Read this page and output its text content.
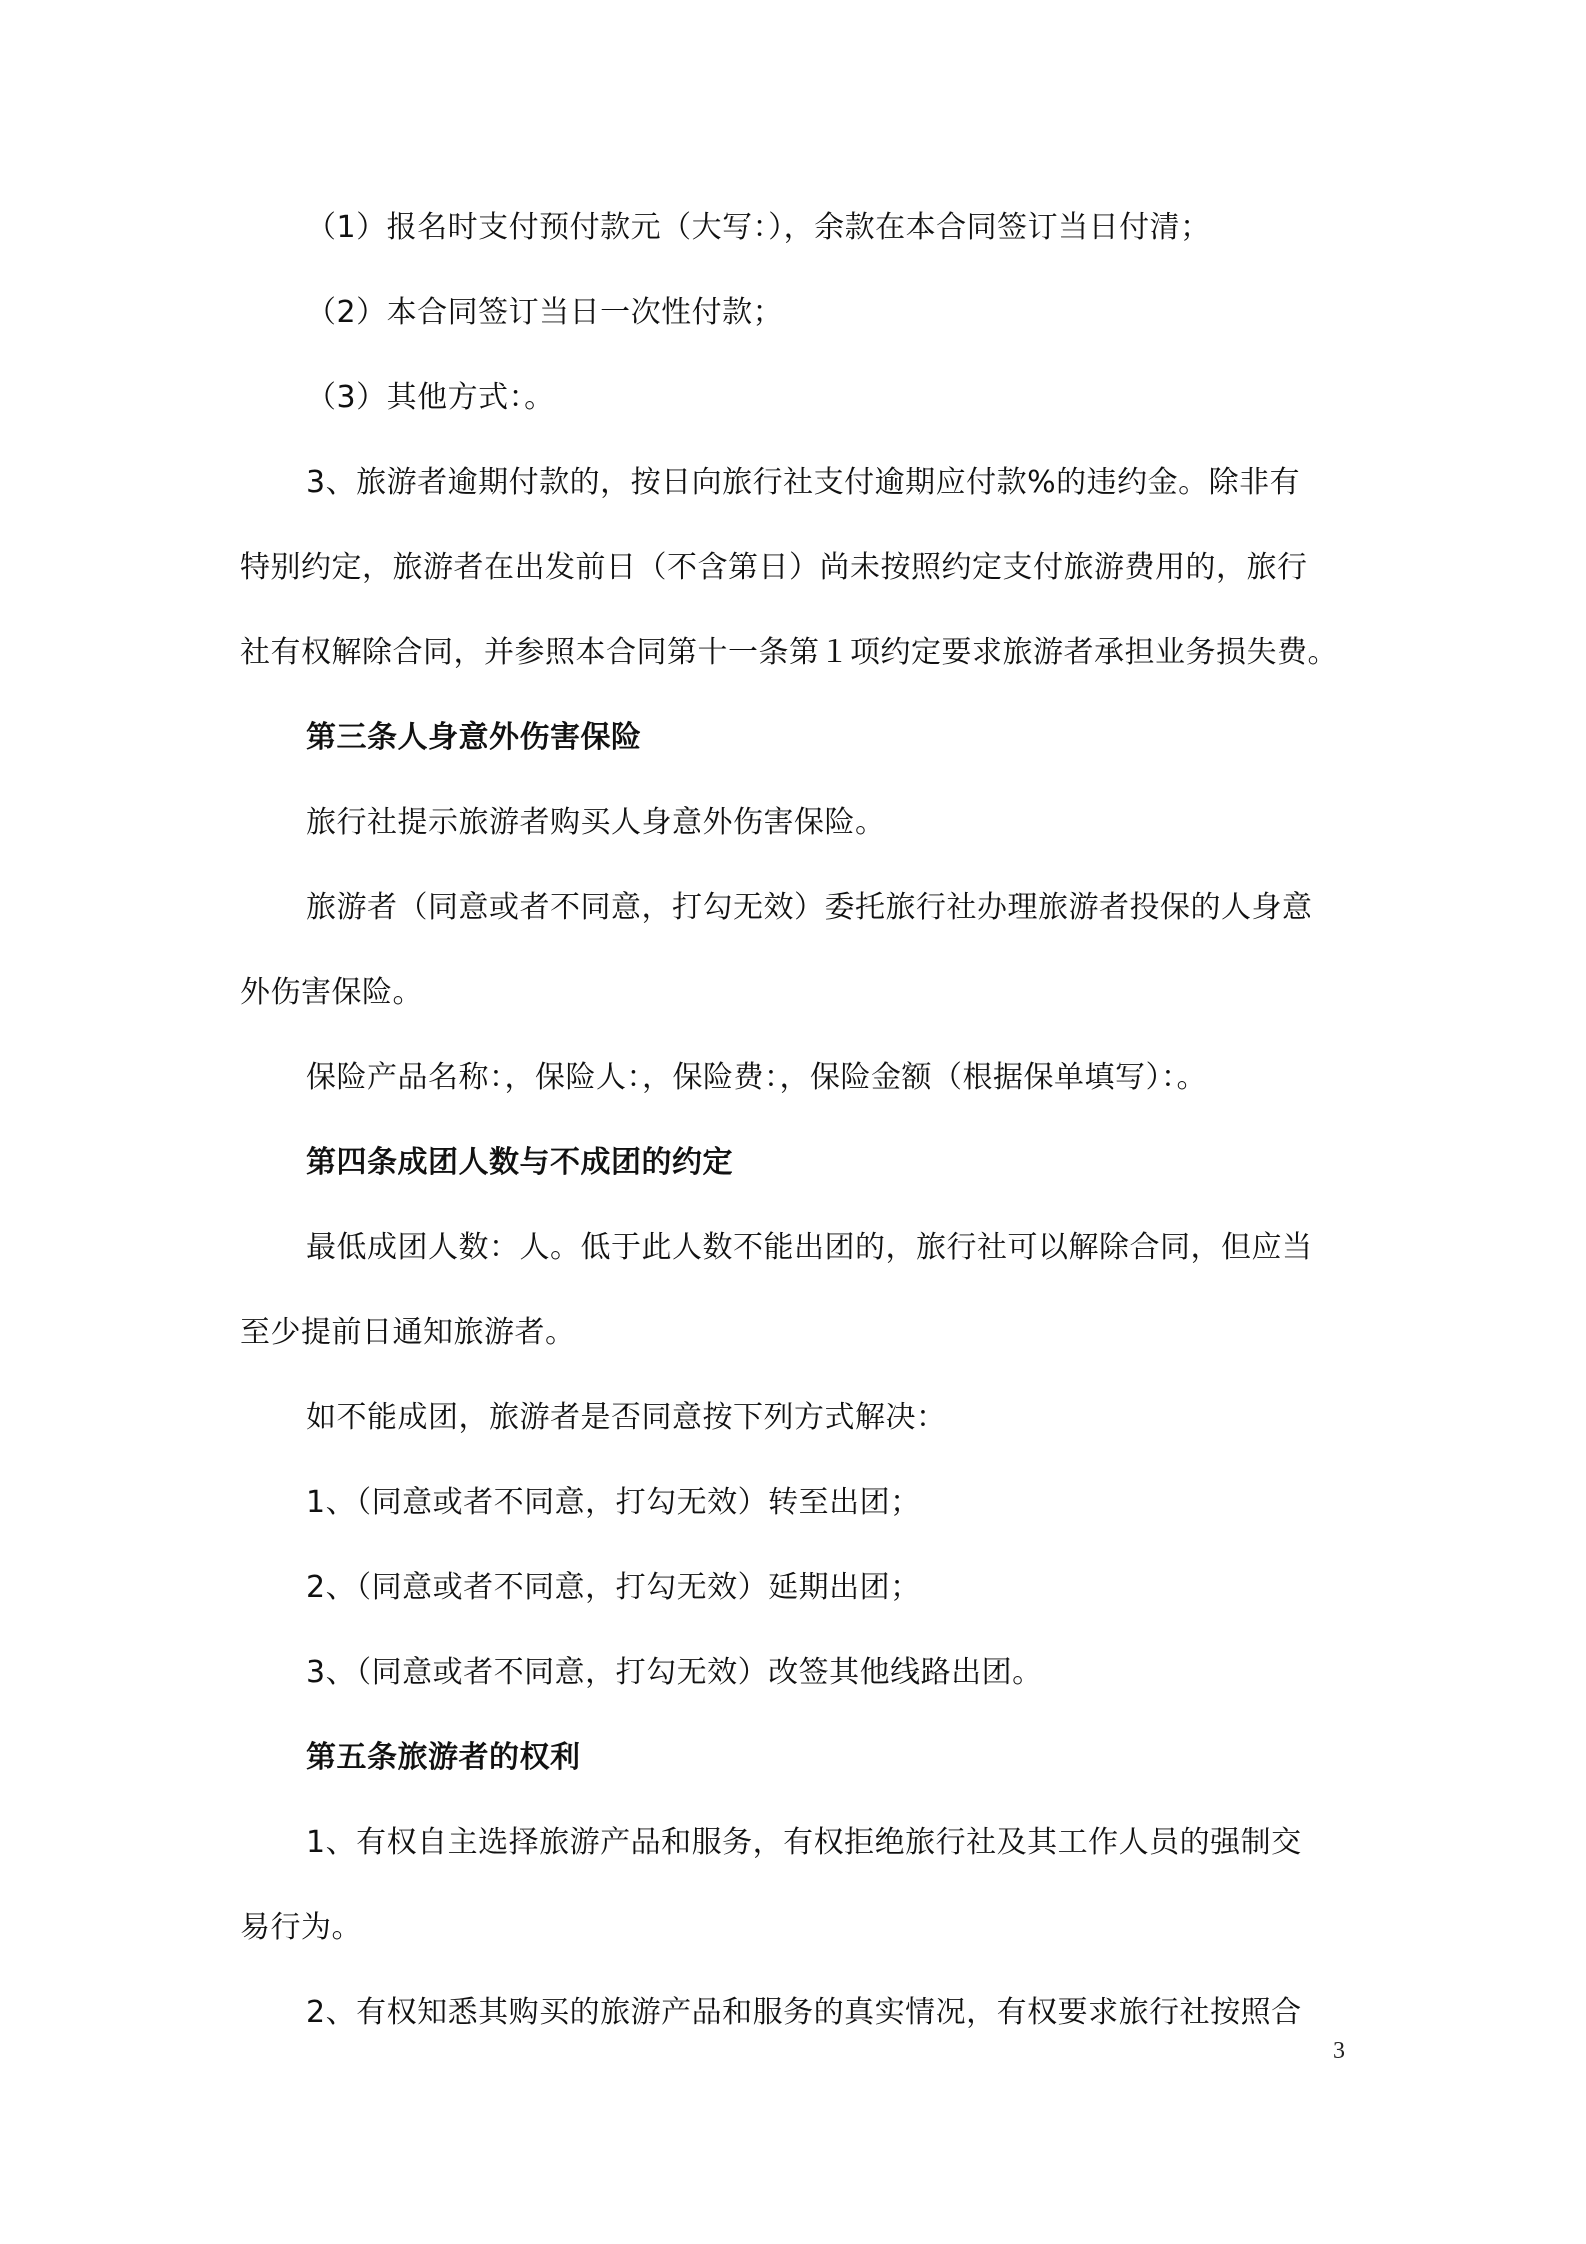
（1）报名时支付预付款元（大写：），余款在本合同签订当日付清；
（2）本合同签订当日一次性付款；
（3）其他方式：。
3、旅游者逾期付款的，按日向旅行社支付逾期应付款%的违约金。除非有
特别约定，旅游者在出发前日（不含第日）尚未按照约定支付旅游费用的，旅行
社有权解除合同，并参照本合同第十一条第１项约定要求旅游者承担业务损失费。
第三条人身意外伤害保险
旅行社提示旅游者购买人身意外伤害保险。
旅游者（同意或者不同意，打勾无效）委托旅行社办理旅游者投保的人身意
外伤害保险。
保险产品名称：，保险人：，保险费：，保险金额（根据保单填写）：。
第四条成团人数与不成团的约定
最低成团人数：人。低于此人数不能出团的，旅行社可以解除合同，但应当
至少提前日通知旅游者。
如不能成团，旅游者是否同意按下列方式解决：
1、（同意或者不同意，打勾无效）转至出团；
2、（同意或者不同意，打勾无效）延期出团；
3、（同意或者不同意，打勾无效）改签其他线路出团。
第五条旅游者的权利
1、有权自主选择旅游产品和服务，有权拒绝旅行社及其工作人员的强制交
易行为。
2、有权知悉其购买的旅游产品和服务的真实情况，有权要求旅行社按照合
3
